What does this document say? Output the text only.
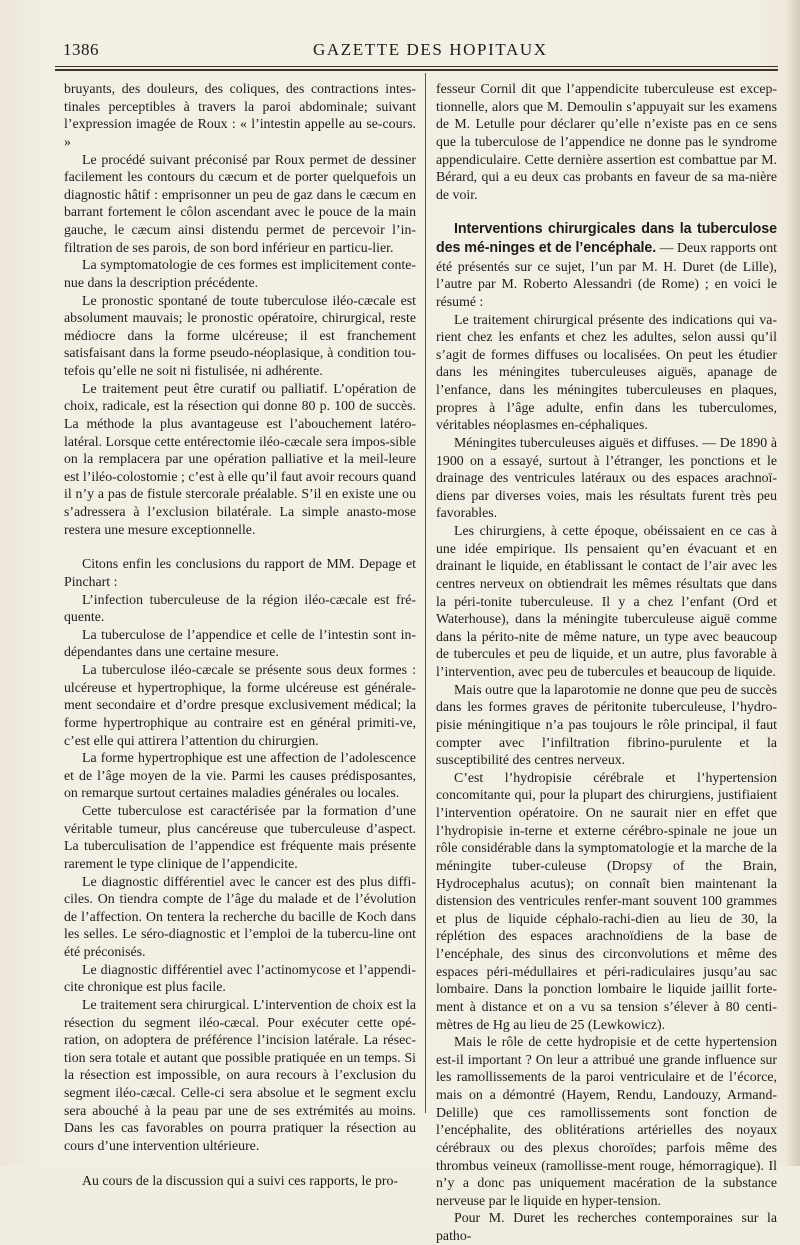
1386	GAZETTE DES HOPITAUX

bruyants, des douleurs, des coliques, des contractions intes-tinales perceptibles à travers la paroi abdominale; suivant l’expression imagée de Roux : « l’intestin appelle au se-cours. »

Le procédé suivant préconisé par Roux permet de dessiner facilement les contours du cæcum et de porter quelquefois un diagnostic hâtif : emprisonner un peu de gaz dans le cæcum en barrant fortement le côlon ascendant avec le pouce de la main gauche, le cæcum ainsi distendu permet de percevoir l’in-filtration de ses parois, de son bord inférieur en particu-lier.

La symptomatologie de ces formes est implicitement conte-nue dans la description précédente.

Le pronostic spontané de toute tuberculose iléo-cæcale est absolument mauvais; le pronostic opératoire, chirurgical, reste médiocre dans la forme ulcéreuse; il est franchement satisfaisant dans la forme pseudo-néoplasique, à condition tou-tefois qu’elle ne soit ni fistulisée, ni adhérente.

Le traitement peut être curatif ou palliatif. L’opération de choix, radicale, est la résection qui donne 80 p. 100 de succès. La méthode la plus avantageuse est l’abouchement latéro-latéral. Lorsque cette entérectomie iléo-cæcale sera impos-sible on la remplacera par une opération palliative et la meil-leure est l’iléo-colostomie ; c’est à elle qu’il faut avoir recours quand il n’y a pas de fistule stercorale préalable. S’il en existe une ou s’adressera à l’exclusion bilatérale. La simple anasto-mose restera une mesure exceptionnelle.

Citons enfin les conclusions du rapport de MM. Depage et Pinchart :

L’infection tuberculeuse de la région iléo-cæcale est fré-quente.

La tuberculose de l’appendice et celle de l’intestin sont in-dépendantes dans une certaine mesure.

La tuberculose iléo-cæcale se présente sous deux formes : ulcéreuse et hypertrophique, la forme ulcéreuse est générale-ment secondaire et d’ordre presque exclusivement médical; la forme hypertrophique au contraire est en général primiti-ve, c’est elle qui attirera l’attention du chirurgien.

La forme hypertrophique est une affection de l’adolescence et de l’âge moyen de la vie. Parmi les causes prédisposantes, on remarque surtout certaines maladies générales ou locales.

Cette tuberculose est caractérisée par la formation d’une véritable tumeur, plus cancéreuse que tuberculeuse d’aspect. La tuberculisation de l’appendice est fréquente mais présente rarement le type clinique de l’appendicite.

Le diagnostic différentiel avec le cancer est des plus diffi-ciles. On tiendra compte de l’âge du malade et de l’évolution de l’affection. On tentera la recherche du bacille de Koch dans les selles. Le séro-diagnostic et l’emploi de la tubercu-line ont été préconisés.

Le diagnostic différentiel avec l’actinomycose et l’appendi-cite chronique est plus facile.

Le traitement sera chirurgical. L’intervention de choix est la résection du segment iléo-cæcal. Pour exécuter cette opé-ration, on adoptera de préférence l’incision latérale. La résec-tion sera totale et autant que possible pratiquée en un temps. Si la résection est impossible, on aura recours à l’exclusion du segment iléo-cæcal. Celle-ci sera absolue et le segment exclu sera abouché à la peau par une de ses extrémités au moins. Dans les cas favorables on pourra pratiquer la résection au cours d’une intervention ultérieure.

Au cours de la discussion qui a suivi ces rapports, le pro-

fesseur Cornil dit que l’appendicite tuberculeuse est excep-tionnelle, alors que M. Demoulin s’appuyait sur les examens de M. Letulle pour déclarer qu’elle n’existe pas en ce sens que la tuberculose de l’appendice ne donne pas le syndrome appendiculaire. Cette dernière assertion est combattue par M. Bérard, qui a eu deux cas probants en faveur de sa ma-nière de voir.

Interventions chirurgicales dans la tuberculose des mé-ninges et de l’encéphale. — Deux rapports ont été présentés sur ce sujet, l’un par M. H. Duret (de Lille), l’autre par M. Roberto Alessandri (de Rome) ; en voici le résumé :

Le traitement chirurgical présente des indications qui va-rient chez les enfants et chez les adultes, selon aussi qu’il s’agit de formes diffuses ou localisées. On peut les étudier dans les méningites tuberculeuses aiguës, apanage de l’enfance, dans les méningites tuberculeuses en plaques, propres à l’âge adulte, enfin dans les tuberculomes, véritables néoplasmes en-céphaliques.

Méningites tuberculeuses aiguës et diffuses. — De 1890 à 1900 on a essayé, surtout à l’étranger, les ponctions et le drainage des ventricules latéraux ou des espaces arachnoï-diens par diverses voies, mais les résultats furent très peu favorables.

Les chirurgiens, à cette époque, obéissaient en ce cas à une idée empirique. Ils pensaient qu’en évacuant et en drainant le liquide, en établissant le contact de l’air avec les centres nerveux on obtiendrait les mêmes résultats que dans la péri-tonite tuberculeuse. Il y a chez l’enfant (Ord et Waterhouse), dans la méningite tuberculeuse aiguë comme dans la périto-nite de même nature, un type avec beaucoup de tubercules et peu de liquide, et un autre, plus favorable à l’intervention, avec peu de tubercules et beaucoup de liquide.

Mais outre que la laparotomie ne donne que peu de succès dans les formes graves de péritonite tuberculeuse, l’hydro-pisie méningitique n’a pas toujours le rôle principal, il faut compter avec l’infiltration fibrino-purulente et la susceptibilité des centres nerveux.

C’est l’hydropisie cérébrale et l’hypertension concomitante qui, pour la plupart des chirurgiens, justifiaient l’intervention opératoire. On ne saurait nier en effet que l’hydropisie in-terne et externe cérébro-spinale ne joue un rôle considérable dans la symptomatologie et la marche de la méningite tuber-culeuse (Dropsy of the Brain, Hydrocephalus acutus); on connaît bien maintenant la distension des ventricules renfer-mant souvent 100 grammes et plus de liquide céphalo-rachi-dien au lieu de 30, la réplétion des espaces arachnoïdiens de la base de l’encéphale, des sinus des circonvolutions et même des espaces péri-médullaires et péri-radiculaires jusqu’au sac lombaire. Dans la ponction lombaire le liquide jaillit forte-ment à distance et on a vu sa tension s’élever à 80 centi-mètres de Hg au lieu de 25 (Lewkowicz).

Mais le rôle de cette hydropisie et de cette hypertension est-il important ? On leur a attribué une grande influence sur les ramollissements de la paroi ventriculaire et de l’écorce, mais on a démontré (Hayem, Rendu, Landouzy, Armand-Delille) que ces ramollissements sont fonction de l’encéphalite, des oblitérations artérielles des noyaux cérébraux ou des plexus choroïdes; parfois même des thrombus veineux (ramollisse-ment rouge, hémorragique). Il n’y a donc pas uniquement macération de la substance nerveuse par le liquide en hyper-tension.

Pour M. Duret les recherches contemporaines sur la patho-
